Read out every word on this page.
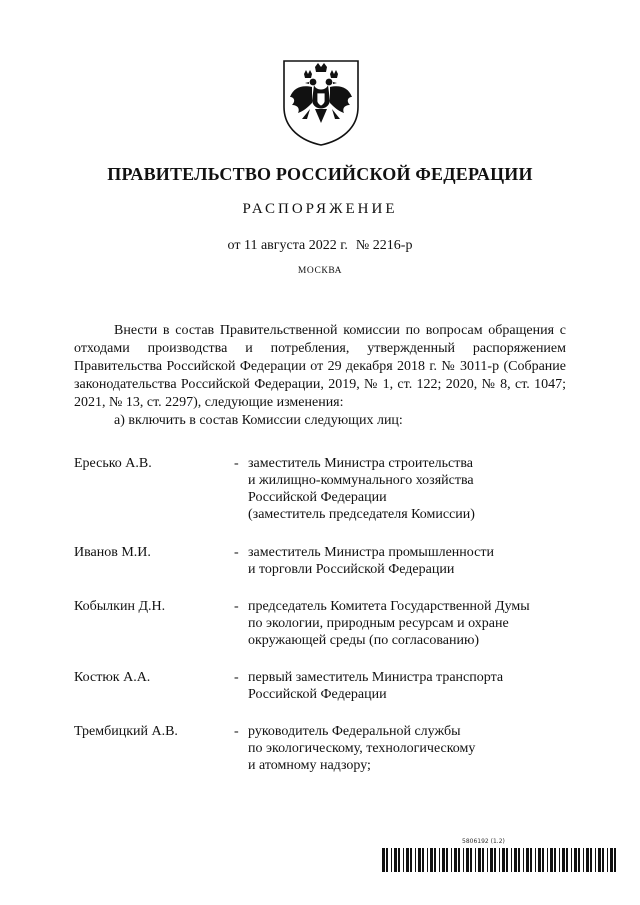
ПРАВИТЕЛЬСТВО РОССИЙСКОЙ ФЕДЕРАЦИИ
РАСПОРЯЖЕНИЕ
от 11 августа 2022 г. № 2216-р
МОСКВА

Внести в состав Правительственной комиссии по вопросам обращения с отходами производства и потребления, утвержденный распоряжением Правительства Российской Федерации от 29 декабря 2018 г. № 3011-р (Собрание законодательства Российской Федерации, 2019, № 1, ст. 122; 2020, № 8, ст. 1047; 2021, № 13, ст. 2297), следующие изменения:

а) включить в состав Комиссии следующих лиц:

Ересько А.В.	- заместитель Министра строительства
и жилищно-коммунального хозяйства
Российской Федерации
(заместитель председателя Комиссии)
Иванов М.И.	- заместитель Министра промышленности
и торговли Российской Федерации
Кобылкин Д.Н.	- председатель Комитета Государственной Думы
по экологии, природным ресурсам и охране
окружающей среды (по согласованию)
Костюк А.А.	- первый заместитель Министра транспорта
Российской Федерации
Трембицкий А.В.	- руководитель Федеральной службы
по экологическому, технологическому
и атомному надзору;
5806192 (1.2)
